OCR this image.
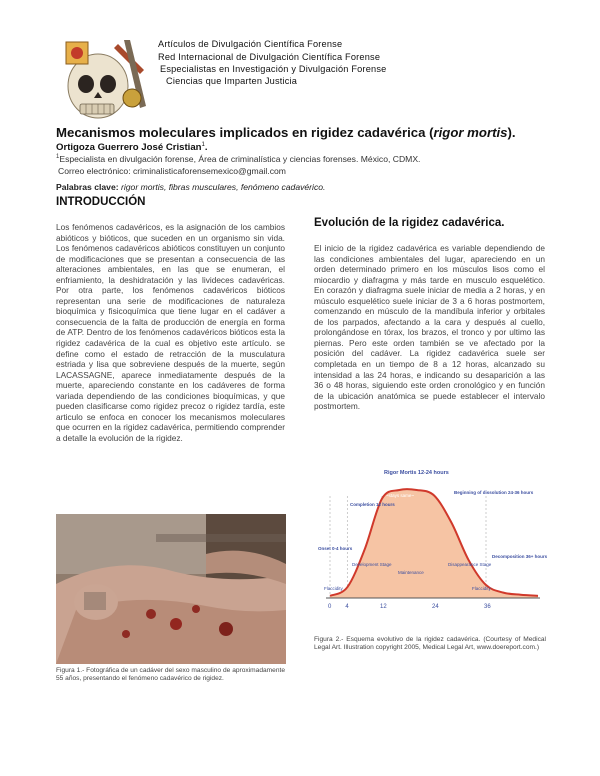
Artículos de Divulgación Científica Forense
Red Internacional de Divulgación Científica Forense
Especialistas en Investigación y Divulgación Forense
Ciencias que Imparten Justicia
Mecanismos moleculares implicados en rigidez cadavérica (rigor mortis).
Ortigoza Guerrero José Cristian$^1$.
$^1$Especialista en divulgación forense, Área de criminalística y ciencias forenses. México, CDMX.
Correo electrónico: criminalisticaforensemexico@gmail.com
Palabras clave: rigor mortis, fibras musculares, fenómeno cadavérico.
INTRODUCCIÓN
Los fenómenos cadavéricos, es la asignación de los cambios abióticos y bióticos, que suceden en un organismo sin vida. Los fenómenos cadavéricos abióticos constituyen un conjunto de modificaciones que se presentan a consecuencia de las alteraciones ambientales, en las que se enumeran, el enfriamiento, la deshidratación y las livideces cadavéricas. Por otra parte, los fenómenos cadavéricos bióticos representan una serie de modificaciones de naturaleza bioquímica y fisicoquímica que tiene lugar en el cadáver a consecuencia de la falta de producción de energía en forma de ATP. Dentro de los fenómenos cadavéricos bióticos esta la rigidez cadavérica de la cual es objetivo este artículo. se define como el estado de retracción de la musculatura estriada y lisa que sobreviene después de la muerte, según LACASSAGNE, aparece inmediatamente después de la muerte, apareciendo constante en los cadáveres de forma variada dependiendo de las condiciones bioquímicas, y que pueden clasificarse como rigidez precoz o rigidez tardía, este articulo se enfoca en conocer los mecanismos moleculares que ocurren en la rigidez cadavérica, permitiendo comprender a detalle la evolución de la rigidez.
Figura 1.- Fotográfica de un cadáver del sexo masculino de aproximadamente 55 años, presentando el fenómeno cadavérico de rigidez.
Evolución de la rigidez cadavérica.
El inicio de la rigidez cadavérica es variable dependiendo de las condiciones ambientales del lugar, apareciendo en un orden determinado primero en los músculos lisos como el miocardio y diafragma y más tarde en musculo esquelético. En corazón y diafragma suele iniciar de media a 2 horas, y en músculo esquelético suele iniciar de 3 a 6 horas postmortem, comenzando en músculo de la mandíbula inferior y orbitales de los parpados, afectando a la cara y después al cuello, prolongándose en tórax, los brazos, el tronco y por ultimo las piernas. Pero este orden también se ve afectado por la posición del cadáver. La rigidez cadavérica suele ser completada en un tiempo de 8 a 12 horas, alcanzado su intensidad a las 24 horas, e indicando su desaparición a las 36 o 48 horas, siguiendo este orden cronológico y en función de la ubicación anatómica se puede establecer el intervalo postmortem.
0 4	12	24	36
Rigor Mortis 12-24 hours
~stays same~
Completion 12 hours
Beginning of dissolution 24-36 hours
Onset 0-4 hours
Development Stage
Maintenance
Disappearance Stage
Decomposition 36+ hours
Flaccidity	Flaccidity
Figura 2.- Esquema evolutivo de la rigidez cadavérica. (Courtesy of Medical Legal Art. Illustration copyright 2005, Medical Legal Art, www.doereport.com.)
